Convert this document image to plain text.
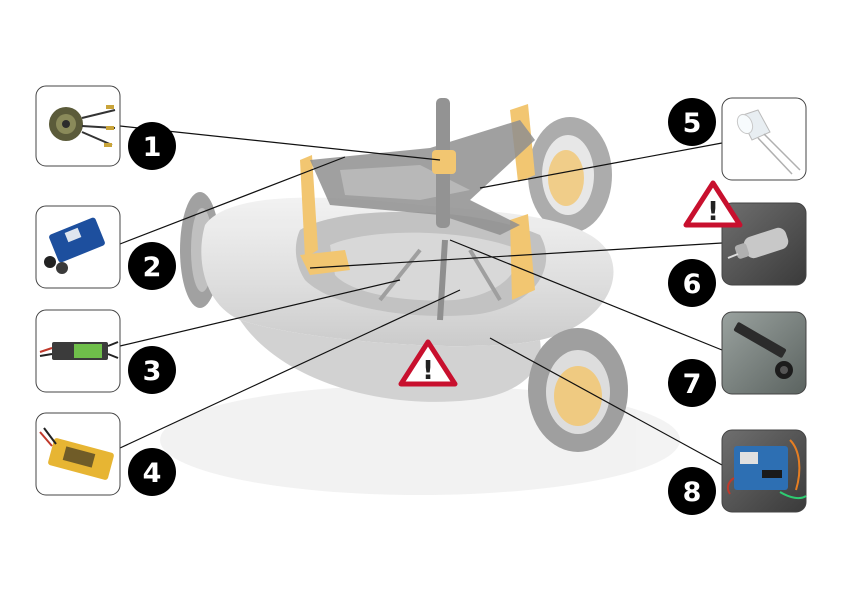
1
2
3
4
5
6
7
8
!
!
